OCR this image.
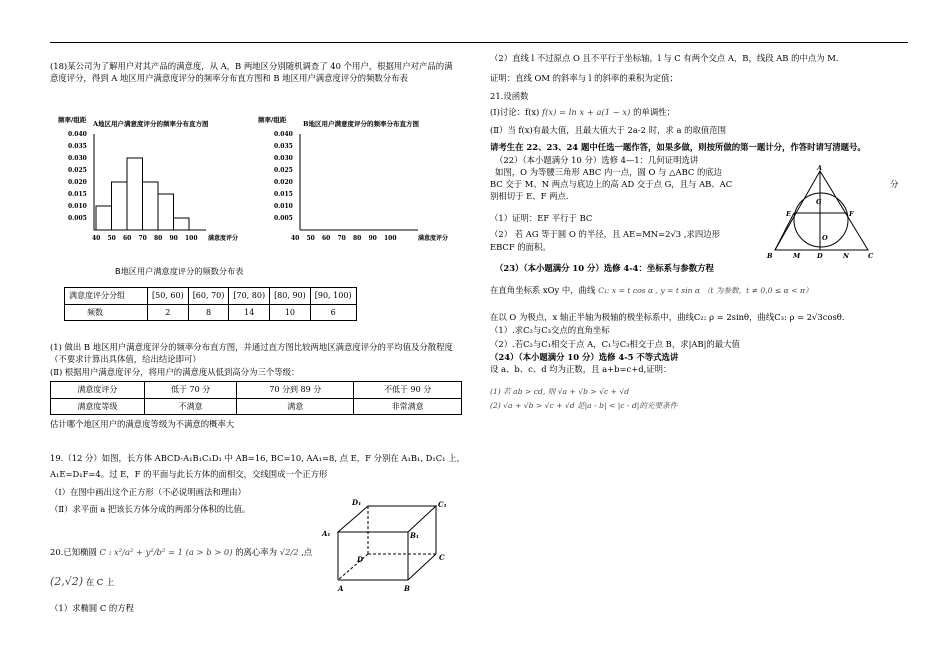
(18)某公司为了解用户对其产品的满意度，从 A，B 两地区分别随机调查了 40 个用户，根据用户对产品的满意度评分，得到 A 地区用户满意度评分的频率分布直方图和 B 地区用户满意度评分的频数分布表

频率/组距 A地区用户满意度评分的频率分布直方图
0.040
0.035
0.030
0.025
0.020
0.015
0.010
0.005
40 50 60 70 80 90 100 满意度评分
频率/组距	B地区用户满意度评分的频率分布直方图
0.040
0.035
0.030
0.025
0.020
0.015
0.010
0.005
40 50 60 70 80 90 100	满意度评分
B地区用户满意度评分的频数分布表
满意度评分分组	[50, 60)	[60, 70)	[70, 80)	[80, 90)	[90, 100)
频数	2	8	14	10	6

(1) 做出 B 地区用户满意度评分的频率分布直方图，并通过直方图比较两地区满意度评分的平均值及分散程度（不要求计算出具体值，给出结论即可）

(Ⅱ) 根据用户满意度评分，将用户的满意度从低到高分为三个等级：

满意度评分	低于 70 分	70 分到 89 分	不低于 90 分
满意度等级	不满意	满意	非常满意

估计哪个地区用户的满意度等级为不满意的概率大

19.（12 分）如图，长方体 ABCD-A₁B₁C₁D₁ 中 AB=16, BC=10, AA₁=8, 点 E，F 分别在 A₁B₁, D₁C₁ 上，

A₁E=D₁F=4。过 E，F 的平面与此长方体的面相交，交线围成一个正方形

（Ⅰ）在图中画出这个正方形（不必说明画法和理由）

（Ⅱ）求平面 a 把该长方体分成的两部分体积的比值。

D₁	C₁
A₁	B₁
D	C
A	B
20.已知椭圆 C : x²/a² + y²/b² = 1 (a > b > 0) 的离心率为 √2/2 ,点
(2,√2) 在 C 上

（1）求椭圆 C 的方程

（2）直线 l 不过原点 O 且不平行于坐标轴，l 与 C 有两个交点 A，B，线段 AB 的中点为 M.

证明：直线 OM 的斜率与 l 的斜率的乘积为定值；

21.设函数

(Ⅰ)讨论：f(x) f(x) = ln x + a(1 − x) 的单调性；

(Ⅱ）当 f(x)有最大值，且最大值大于 2a-2 时，求 a 的取值范围

请考生在 22、23、24 题中任选一题作答，如果多做，则按所做的第一题计分，作答时请写清题号。

（22）（本小题满分 10 分）选修 4—1：几何证明选讲

如图，O 为等腰三角形 ABC 内一点，圆 O 与 △ABC 的底边

BC 交于 M、N 两点与底边上的高 AD 交于点 G，且与 AB、AC	分

别相切于 E、F 两点.

（1）证明：EF 平行于 BC

（2） 若 AG 等于圆 O 的半径，且 AE=MN=2√3 ,求四边形

EBCF 的面积。

A
E	F
G
O
B	M	D	N	C

（23）（本小题满分 10 分）选修 4-4：坐标系与参数方程

在直角坐标系 xOy 中，曲线 C₁: x = t cos α , y = t sin α （t 为参数，t ≠ 0,0 ≤ α < π）

在以 O 为极点，x 轴正半轴为极轴的极坐标系中，曲线C₂: ρ = 2sinθ，曲线C₃: ρ = 2√3cosθ.

（1）.求C₂与C₃交点的直角坐标

（2）.若C₂与C₁相交于点 A，C₁与C₃相交于点 B，求|AB|的最大值

（24）（本小题满分 10 分）选修 4-5 不等式选讲

设 a、b、c、d 均为正数，且 a+b=c+d,证明：

(1) 若 ab > cd, 则 √a + √b > √c + √d

(2) √a + √b > √c + √d 是|a - b| < |c - d|的充要条件
